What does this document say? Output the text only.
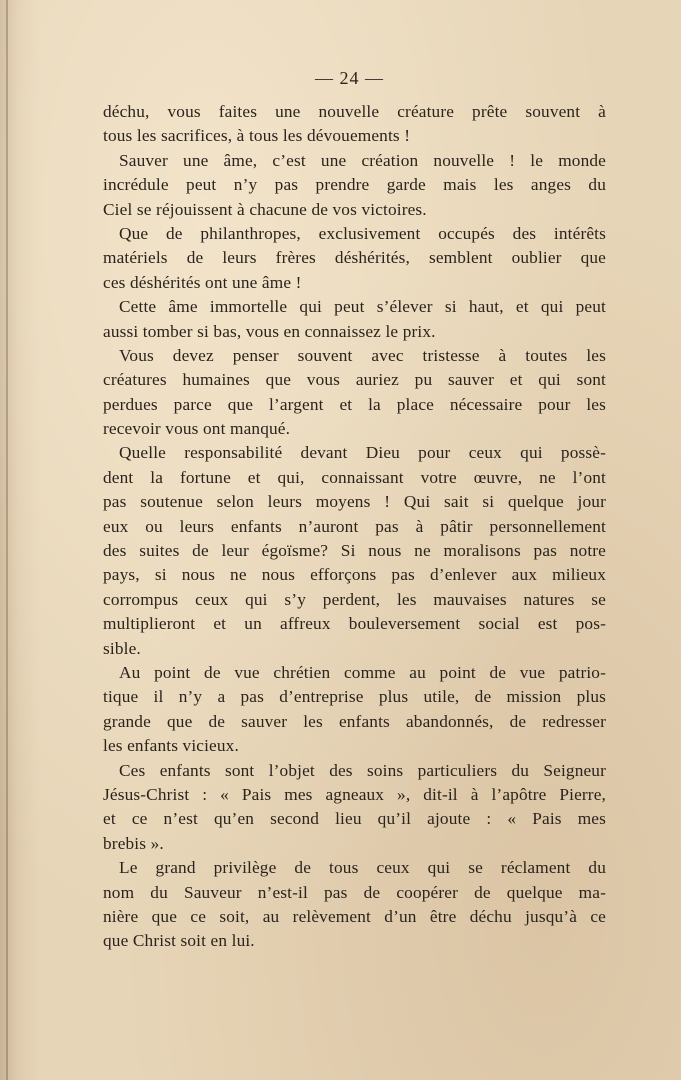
— 24 —
déchu, vous faites une nouvelle créature prête souvent à
tous les sacrifices, à tous les dévouements !
Sauver une âme, c’est une création nouvelle ! le monde
incrédule peut n’y pas prendre garde mais les anges du
Ciel se réjouissent à chacune de vos victoires.
Que de philanthropes, exclusivement occupés des intérêts
matériels de leurs frères déshérités, semblent oublier que
ces déshérités ont une âme !
Cette âme immortelle qui peut s’élever si haut, et qui peut
aussi tomber si bas, vous en connaissez le prix.
Vous devez penser souvent avec tristesse à toutes les
créatures humaines que vous auriez pu sauver et qui sont
perdues parce que l’argent et la place nécessaire pour les
recevoir vous ont manqué.
Quelle responsabilité devant Dieu pour ceux qui possè-
dent la fortune et qui, connaissant votre œuvre, ne l’ont
pas soutenue selon leurs moyens ! Qui sait si quelque jour
eux ou leurs enfants n’auront pas à pâtir personnellement
des suites de leur égoïsme? Si nous ne moralisons pas notre
pays, si nous ne nous efforçons pas d’enlever aux milieux
corrompus ceux qui s’y perdent, les mauvaises natures se
multiplieront et un affreux bouleversement social est pos-
sible.
Au point de vue chrétien comme au point de vue patrio-
tique il n’y a pas d’entreprise plus utile, de mission plus
grande que de sauver les enfants abandonnés, de redresser
les enfants vicieux.
Ces enfants sont l’objet des soins particuliers du Seigneur
Jésus-Christ : « Pais mes agneaux », dit-il à l’apôtre Pierre,
et ce n’est qu’en second lieu qu’il ajoute : « Pais mes
brebis ».
Le grand privilège de tous ceux qui se réclament du
nom du Sauveur n’est-il pas de coopérer de quelque ma-
nière que ce soit, au relèvement d’un être déchu jusqu’à ce
que Christ soit en lui.
